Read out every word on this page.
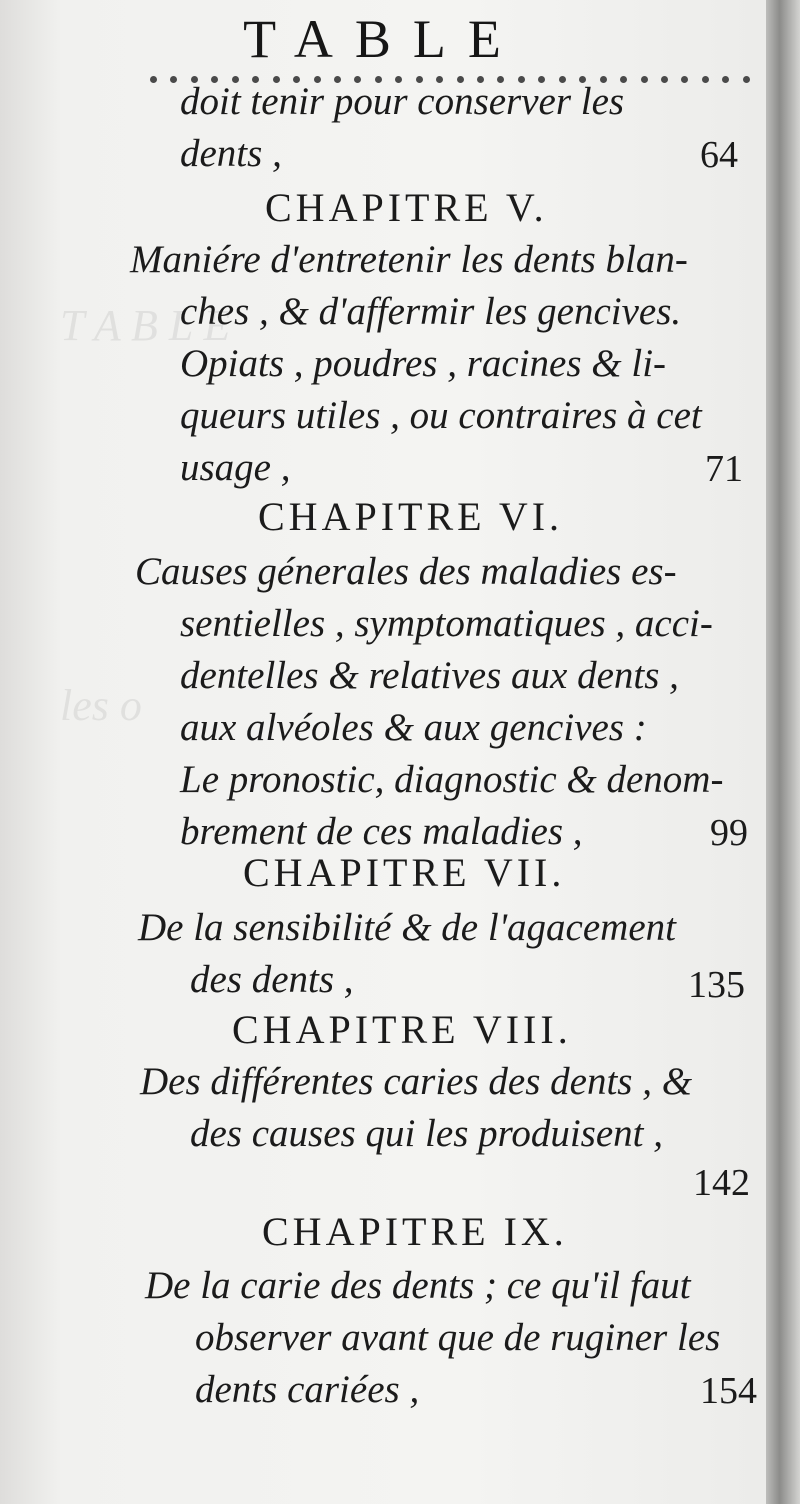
T A B L E
les o
TABLE
doit tenir pour conserver les
dents ,	64
CHAPITRE V.
Maniére d'entretenir les dents blan-
ches , & d'affermir les gencives.
Opiats , poudres , racines & li-
queurs utiles , ou contraires à cet
usage ,	71
CHAPITRE VI.
Causes génerales des maladies es-
sentielles , symptomatiques , acci-
dentelles & relatives aux dents ,
aux alvéoles & aux gencives :
Le pronostic, diagnostic & denom-
brement de ces maladies ,	99
CHAPITRE VII.
De la sensibilité & de l'agacement
des dents ,	135
CHAPITRE VIII.
Des différentes caries des dents , &
des causes qui les produisent ,
142
CHAPITRE IX.
De la carie des dents ; ce qu'il faut
observer avant que de ruginer les
dents cariées ,	154
